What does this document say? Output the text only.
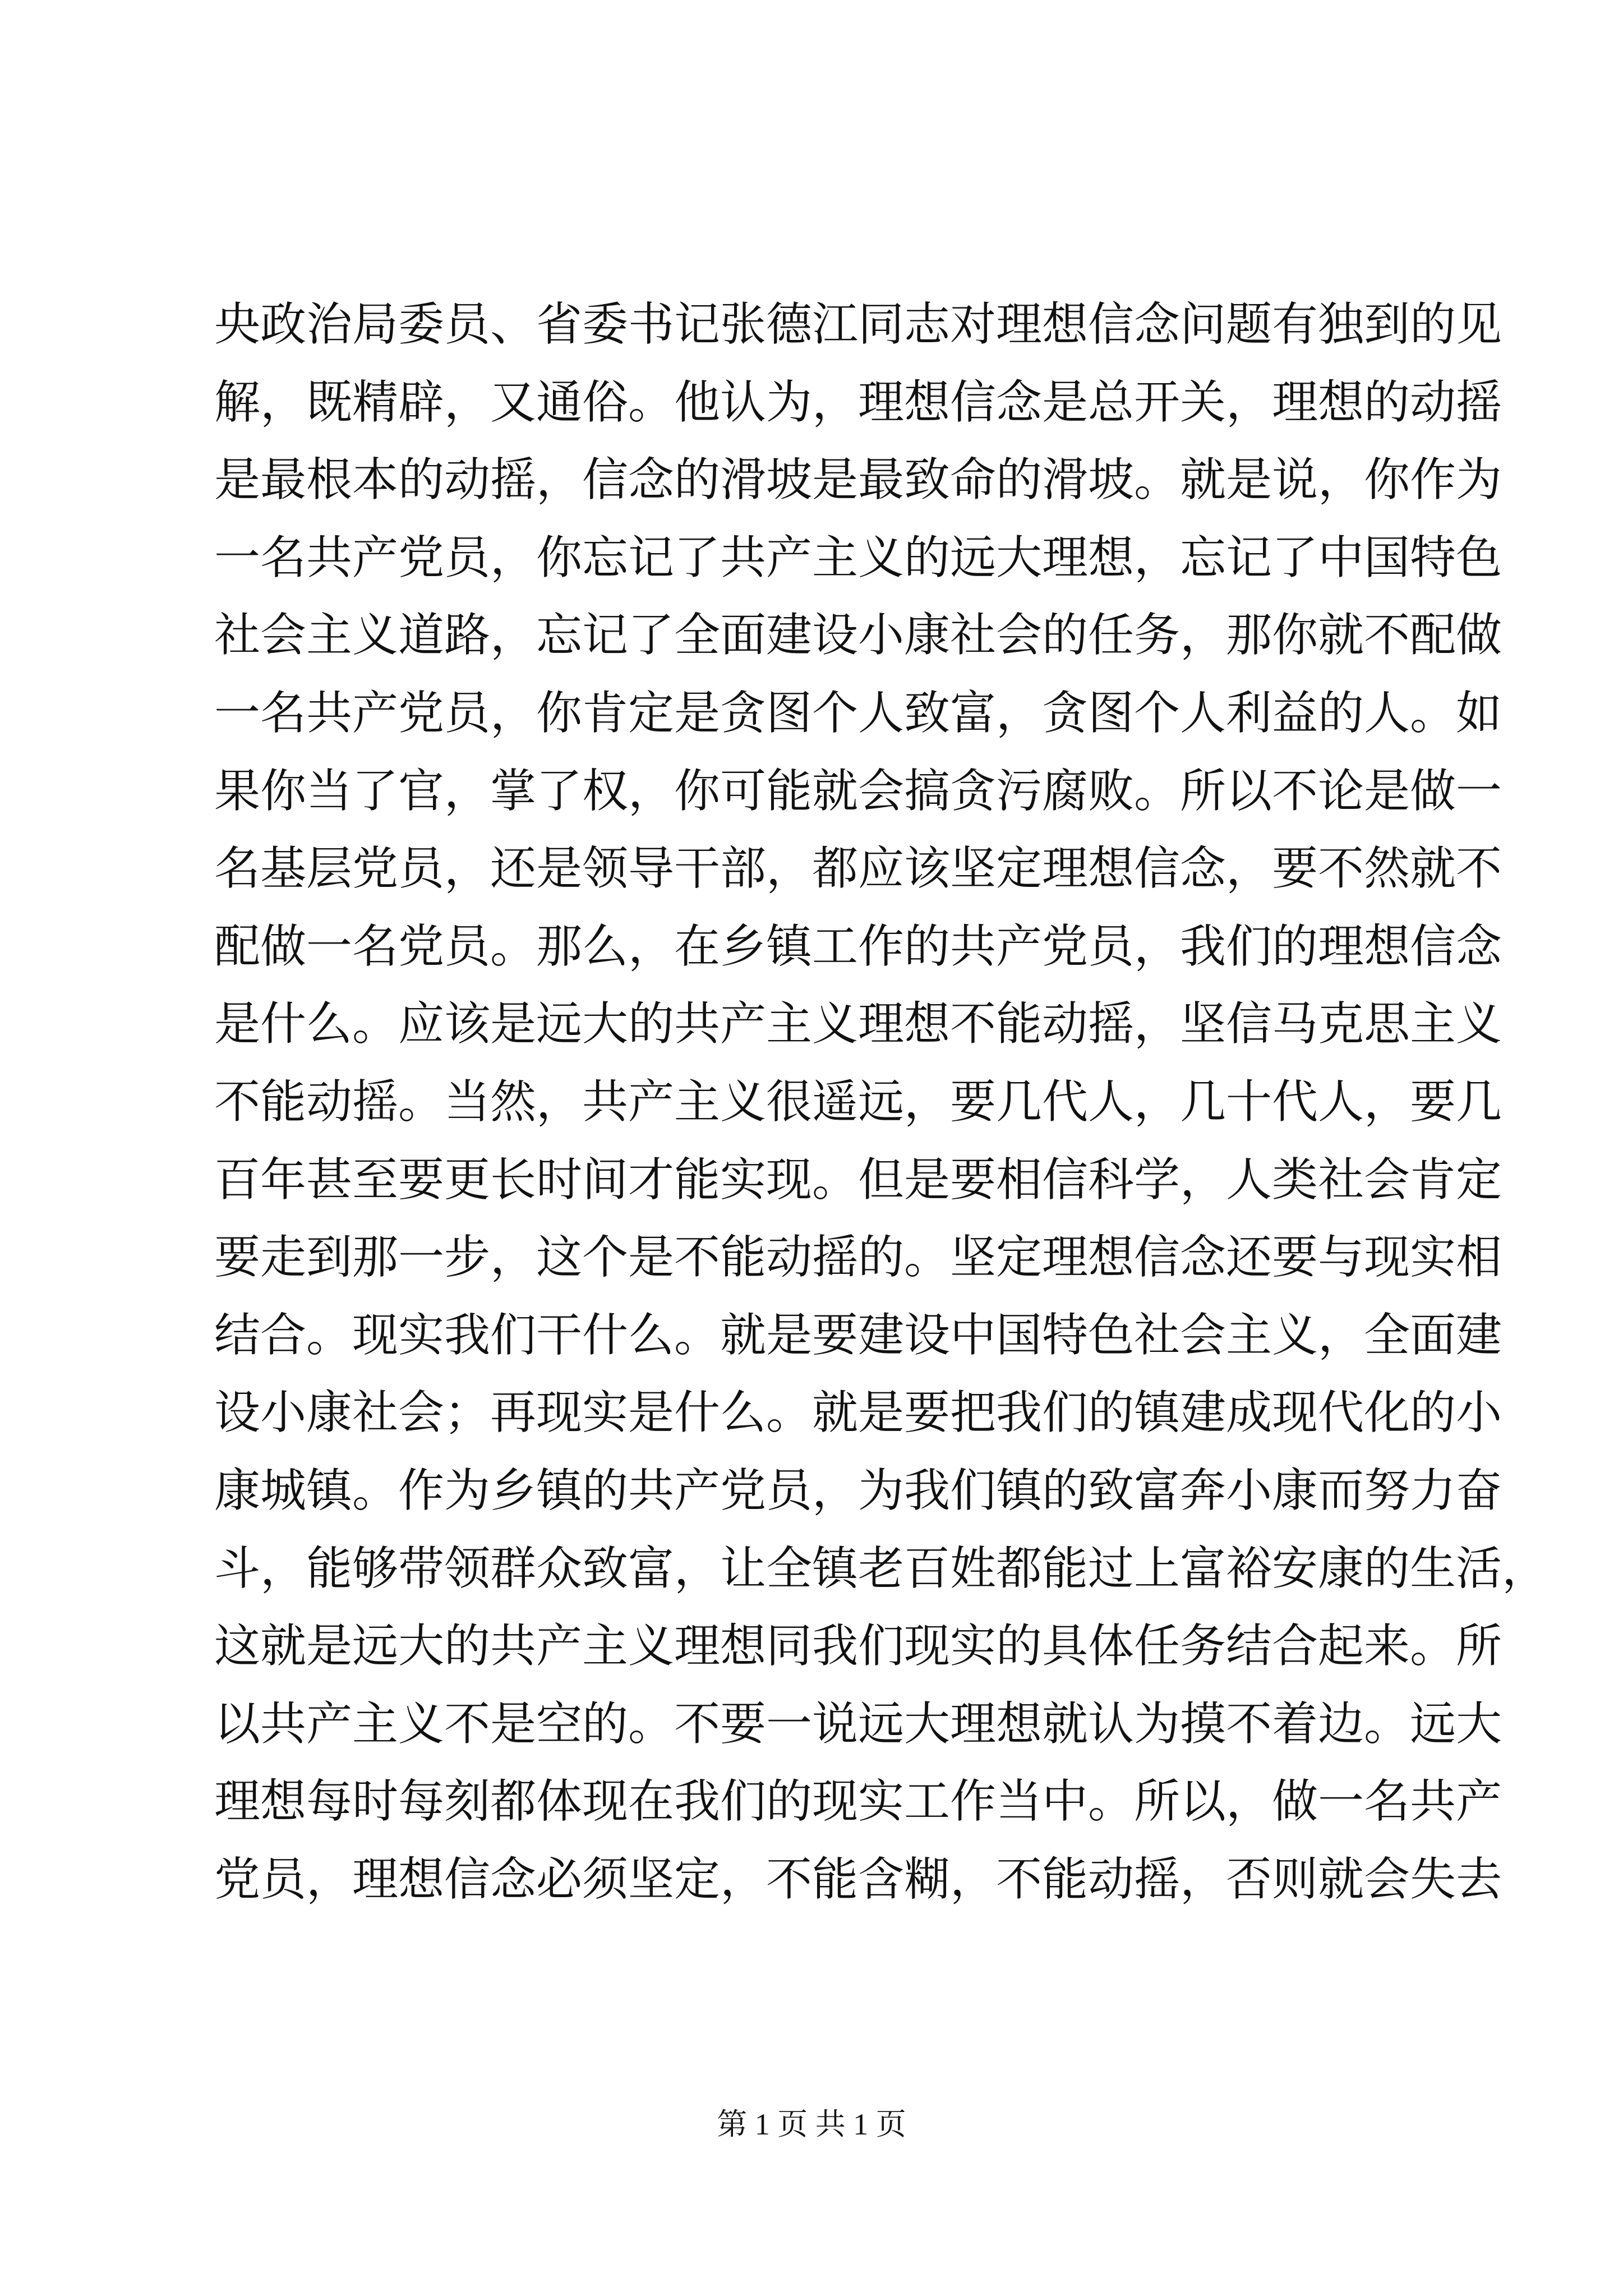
央政治局委员、省委书记张德江同志对理想信念问题有独到的见
解，既精辟，又通俗。他认为，理想信念是总开关，理想的动摇
是最根本的动摇，信念的滑坡是最致命的滑坡。就是说，你作为
一名共产党员，你忘记了共产主义的远大理想，忘记了中国特色
社会主义道路，忘记了全面建设小康社会的任务，那你就不配做
一名共产党员，你肯定是贪图个人致富，贪图个人利益的人。如
果你当了官，掌了权，你可能就会搞贪污腐败。所以不论是做一
名基层党员，还是领导干部，都应该坚定理想信念，要不然就不
配做一名党员。那么，在乡镇工作的共产党员，我们的理想信念
是什么。应该是远大的共产主义理想不能动摇，坚信马克思主义
不能动摇。当然，共产主义很遥远，要几代人，几十代人，要几
百年甚至要更长时间才能实现。但是要相信科学，人类社会肯定
要走到那一步，这个是不能动摇的。坚定理想信念还要与现实相
结合。现实我们干什么。就是要建设中国特色社会主义，全面建
设小康社会；再现实是什么。就是要把我们的镇建成现代化的小
康城镇。作为乡镇的共产党员，为我们镇的致富奔小康而努力奋
斗，能够带领群众致富，让全镇老百姓都能过上富裕安康的生活，
这就是远大的共产主义理想同我们现实的具体任务结合起来。所
以共产主义不是空的。不要一说远大理想就认为摸不着边。远大
理想每时每刻都体现在我们的现实工作当中。所以，做一名共产
党员，理想信念必须坚定，不能含糊，不能动摇，否则就会失去
第 1 页 共 1 页
